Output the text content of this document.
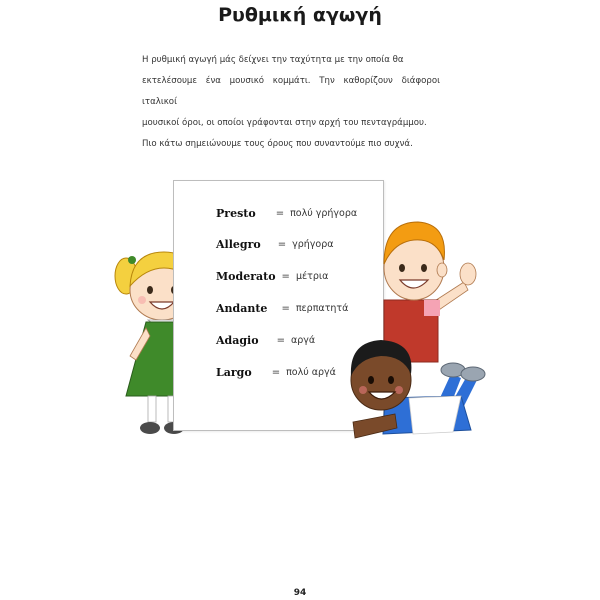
Ρυθμική αγωγή

Η ρυθμική αγωγή μάς δείχνει την ταχύτητα με την οποία θα

εκτελέσουμε ένα μουσικό κομμάτι. Την καθορίζουν διάφοροι ιταλικοί

μουσικοί όροι, οι οποίοι γράφονται στην αρχή του πενταγράμμου.

Πιο κάτω σημειώνουμε τους όρους που συναντούμε πιο συχνά.

Presto = πολύ γρήγορα
Allegro = γρήγορα
Moderato = μέτρια
Andante = περπατητά
Adagio = αργά
Largo = πολύ αργά
94
